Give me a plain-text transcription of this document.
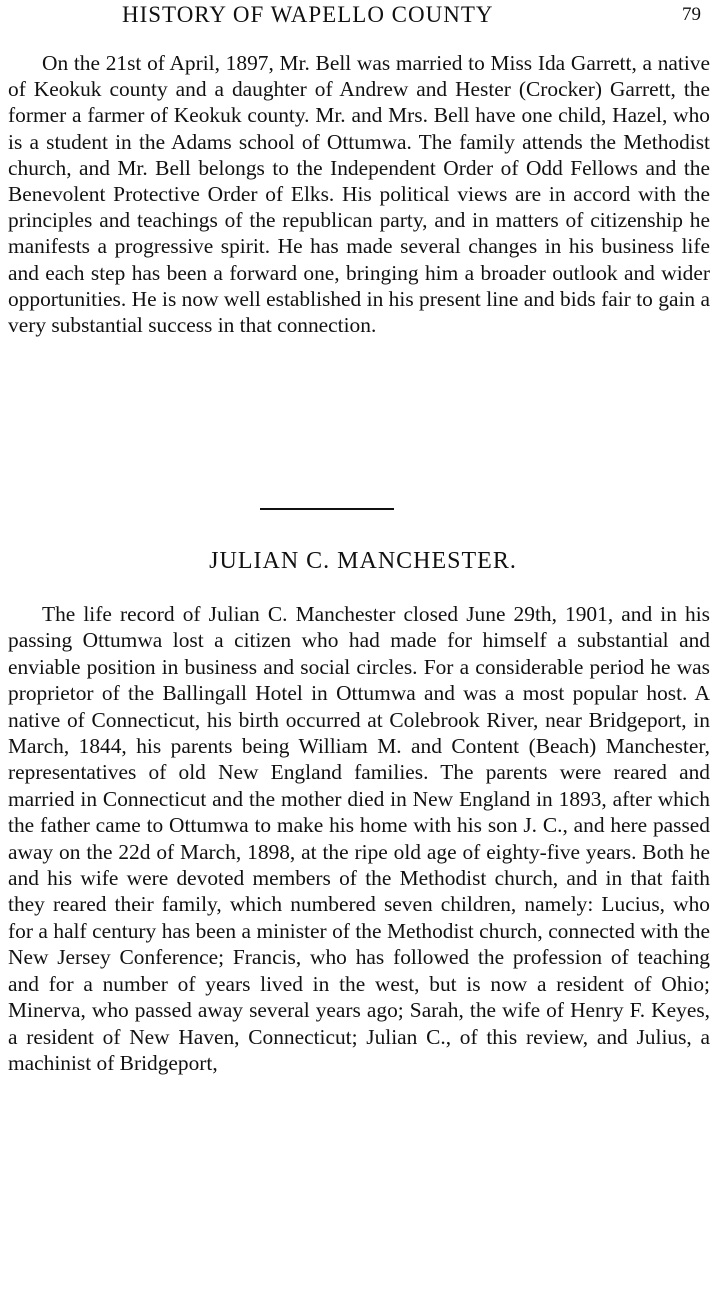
HISTORY OF WAPELLO COUNTY	79

On the 21st of April, 1897, Mr. Bell was married to Miss Ida Garrett, a native of Keokuk county and a daughter of Andrew and Hester (Crocker) Garrett, the former a farmer of Keokuk county. Mr. and Mrs. Bell have one child, Hazel, who is a student in the Adams school of Ottumwa. The family attends the Methodist church, and Mr. Bell belongs to the Independent Order of Odd Fellows and the Benevolent Protective Order of Elks. His political views are in accord with the principles and teachings of the republican party, and in matters of citizenship he manifests a progressive spirit. He has made several changes in his business life and each step has been a forward one, bringing him a broader outlook and wider opportunities. He is now well established in his present line and bids fair to gain a very substantial success in that connection.

JULIAN C. MANCHESTER.

The life record of Julian C. Manchester closed June 29th, 1901, and in his passing Ottumwa lost a citizen who had made for himself a substantial and enviable position in business and social circles. For a considerable period he was proprietor of the Ballingall Hotel in Ottumwa and was a most popular host. A native of Connecticut, his birth occurred at Colebrook River, near Bridgeport, in March, 1844, his parents being William M. and Content (Beach) Manchester, representatives of old New England families. The parents were reared and married in Connecticut and the mother died in New England in 1893, after which the father came to Ottumwa to make his home with his son J. C., and here passed away on the 22d of March, 1898, at the ripe old age of eighty-five years. Both he and his wife were devoted members of the Methodist church, and in that faith they reared their family, which numbered seven children, namely: Lucius, who for a half century has been a minister of the Methodist church, connected with the New Jersey Conference; Francis, who has followed the profession of teaching and for a number of years lived in the west, but is now a resident of Ohio; Minerva, who passed away several years ago; Sarah, the wife of Henry F. Keyes, a resident of New Haven, Connecticut; Julian C., of this review, and Julius, a machinist of Bridgeport,
